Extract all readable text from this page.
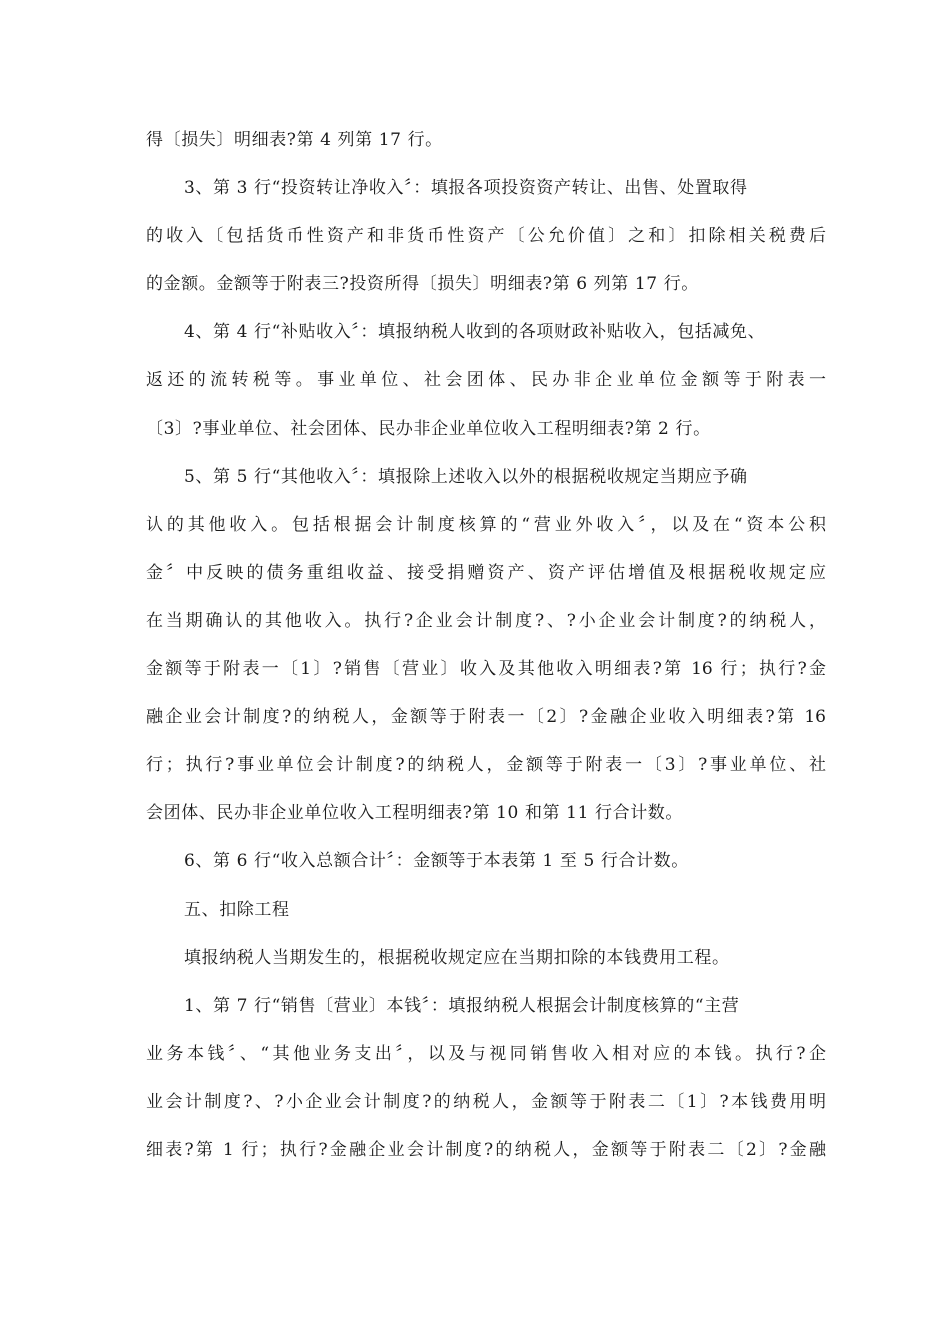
得〔损失〕明细表?第 4 列第 17 行。
3、第 3 行“投资转让净收入〞：填报各项投资资产转让、出售、处置取得
的收入〔包括货币性资产和非货币性资产〔公允价值〕之和〕扣除相关税费后
的金额。金额等于附表三?投资所得〔损失〕明细表?第 6 列第 17 行。
4、第 4 行“补贴收入〞：填报纳税人收到的各项财政补贴收入，包括减免、
返还的流转税等。事业单位、社会团体、民办非企业单位金额等于附表一
〔3〕?事业单位、社会团体、民办非企业单位收入工程明细表?第 2 行。
5、第 5 行“其他收入〞：填报除上述收入以外的根据税收规定当期应予确
认的其他收入。包括根据会计制度核算的“营业外收入〞，以及在“资本公积
金〞中反映的债务重组收益、接受捐赠资产、资产评估增值及根据税收规定应
在当期确认的其他收入。执行?企业会计制度?、?小企业会计制度?的纳税人，
金额等于附表一〔1〕?销售〔营业〕收入及其他收入明细表?第 16 行；执行?金
融企业会计制度?的纳税人，金额等于附表一〔2〕?金融企业收入明细表?第 16
行；执行?事业单位会计制度?的纳税人，金额等于附表一〔3〕?事业单位、社
会团体、民办非企业单位收入工程明细表?第 10 和第 11 行合计数。
6、第 6 行“收入总额合计〞：金额等于本表第 1 至 5 行合计数。
五、扣除工程
填报纳税人当期发生的，根据税收规定应在当期扣除的本钱费用工程。
1、第 7 行“销售〔营业〕本钱〞：填报纳税人根据会计制度核算的“主营
业务本钱〞、“其他业务支出〞，以及与视同销售收入相对应的本钱。执行?企
业会计制度?、?小企业会计制度?的纳税人，金额等于附表二〔1〕?本钱费用明
细表?第 1 行；执行?金融企业会计制度?的纳税人，金额等于附表二〔2〕?金融
